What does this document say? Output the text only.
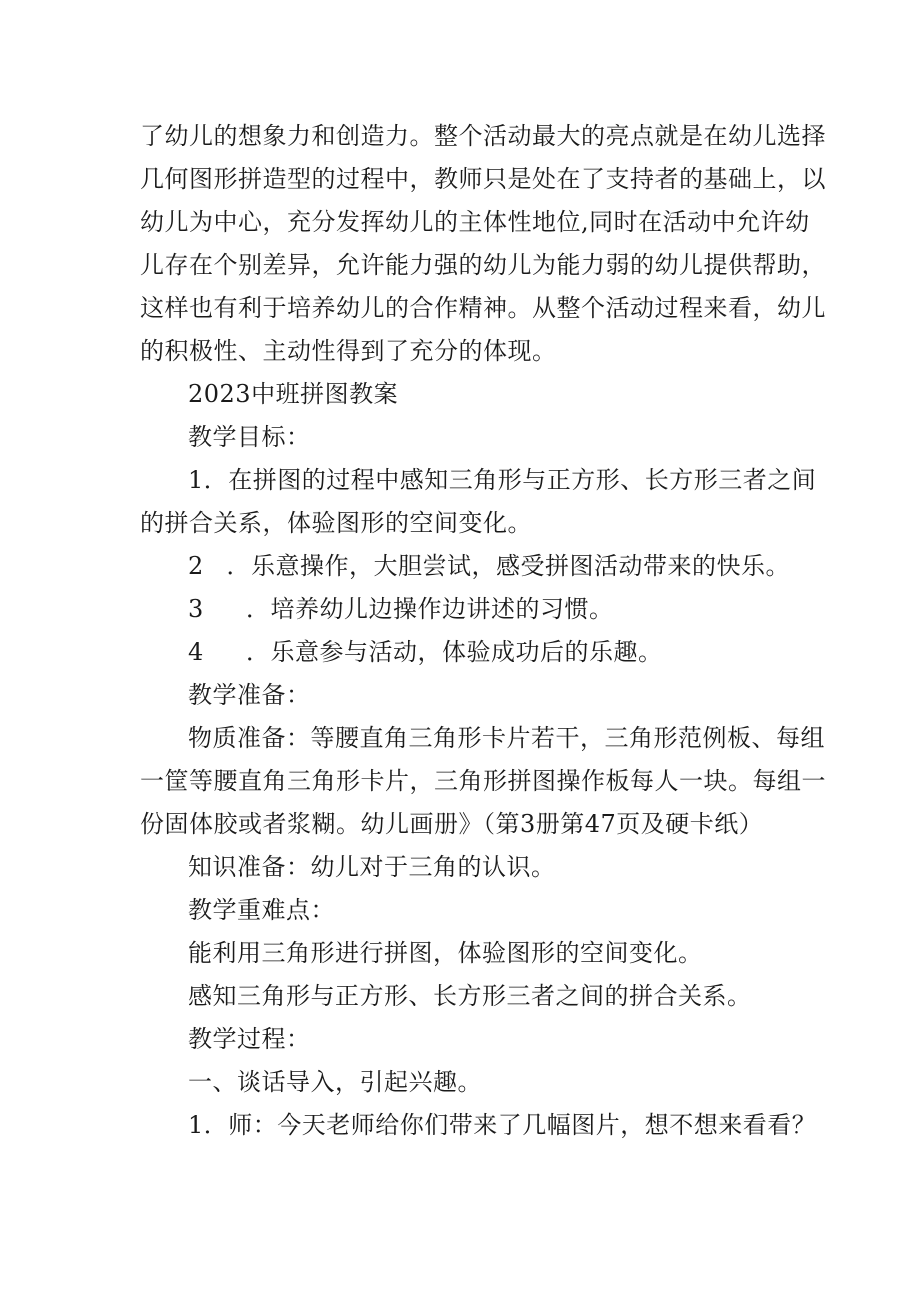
了幼儿的想象力和创造力。整个活动最大的亮点就是在幼儿选择
几何图形拼造型的过程中，教师只是处在了支持者的基础上，以
幼儿为中心，充分发挥幼儿的主体性地位,同时在活动中允许幼
儿存在个别差异，允许能力强的幼儿为能力弱的幼儿提供帮助，
这样也有利于培养幼儿的合作精神。从整个活动过程来看，幼儿
的积极性、主动性得到了充分的体现。
2023中班拼图教案
教学目标：
1．在拼图的过程中感知三角形与正方形、长方形三者之间
的拼合关系，体验图形的空间变化。
2 ．乐意操作，大胆尝试，感受拼图活动带来的快乐。
3	．培养幼儿边操作边讲述的习惯。
4	．乐意参与活动，体验成功后的乐趣。
教学准备：
物质准备：等腰直角三角形卡片若干，三角形范例板、每组
一筐等腰直角三角形卡片，三角形拼图操作板每人一块。每组一
份固体胶或者浆糊。幼儿画册》（第3册第47页及硬卡纸）
知识准备：幼儿对于三角的认识。
教学重难点：
能利用三角形进行拼图，体验图形的空间变化。
感知三角形与正方形、长方形三者之间的拼合关系。
教学过程：
一、谈话导入，引起兴趣。
1．师：今天老师给你们带来了几幅图片，想不想来看看？
